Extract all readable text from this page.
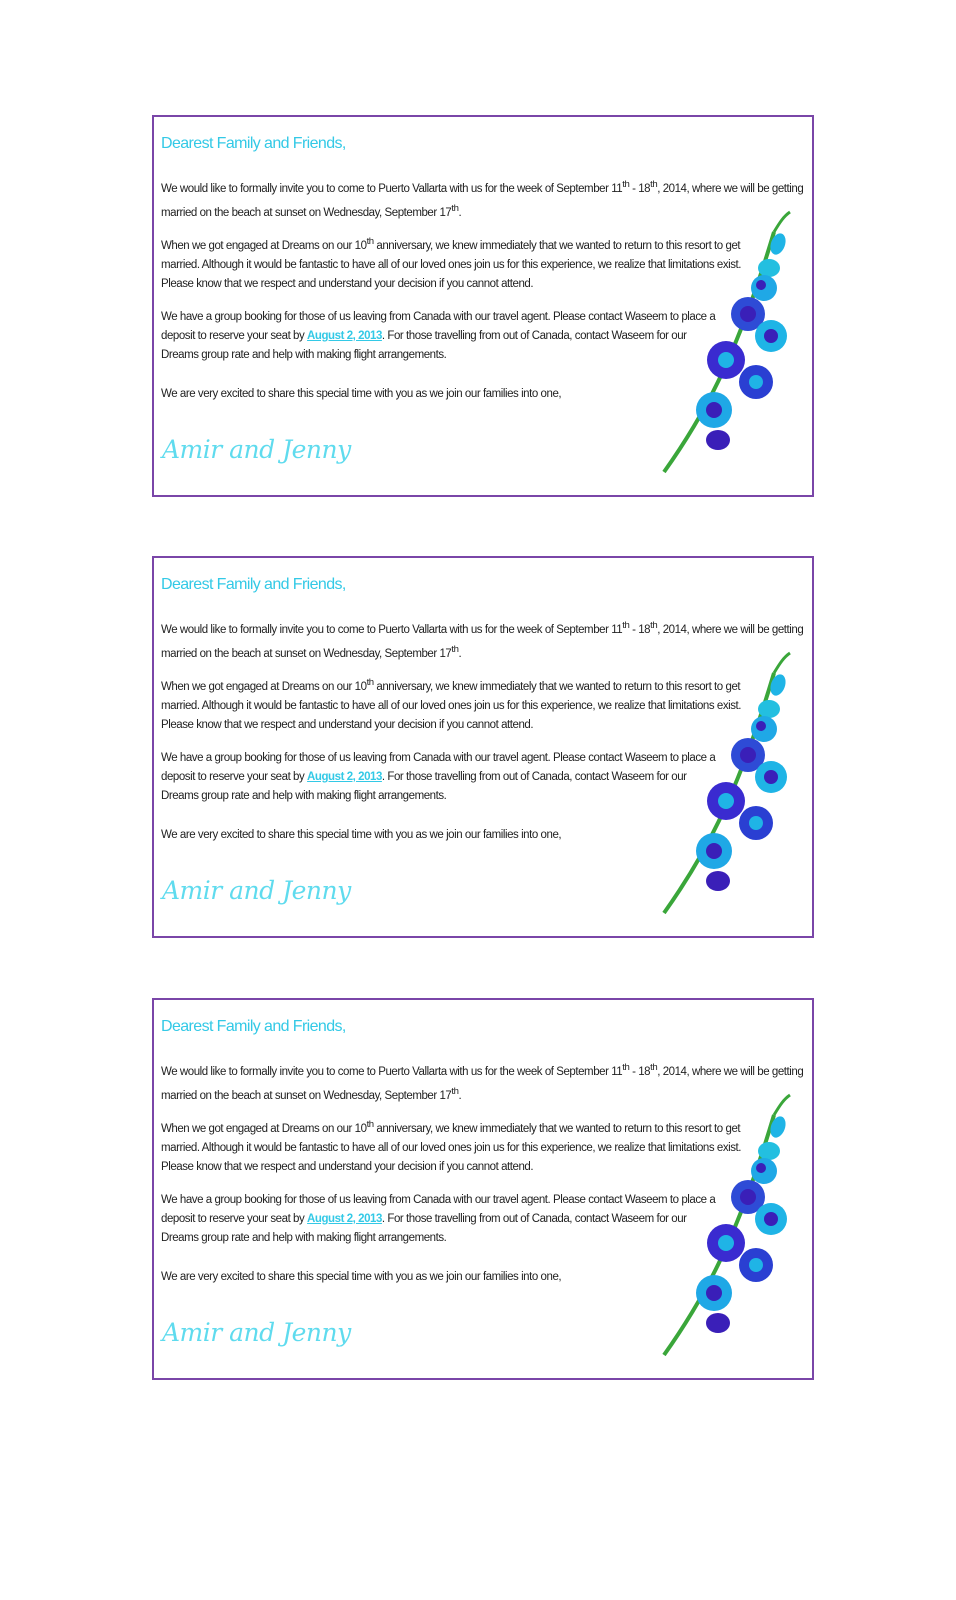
Dearest Family and Friends,

We would like to formally invite you to come to Puerto Vallarta with us for the week of September 11th - 18th, 2014, where we will be getting married on the beach at sunset on Wednesday, September 17th.

When we got engaged at Dreams on our 10th anniversary, we knew immediately that we wanted to return to this resort to get married. Although it would be fantastic to have all of our loved ones join us for this experience, we realize that limitations exist. Please know that we respect and understand your decision if you cannot attend.

We have a group booking for those of us leaving from Canada with our travel agent. Please contact Waseem to place a deposit to reserve your seat by August 2, 2013. For those travelling from out of Canada, contact Waseem for our Dreams group rate and help with making flight arrangements.

We are very excited to share this special time with you as we join our families into one,

Amir and Jenny

Dearest Family and Friends,

We would like to formally invite you to come to Puerto Vallarta with us for the week of September 11th - 18th, 2014, where we will be getting married on the beach at sunset on Wednesday, September 17th.

When we got engaged at Dreams on our 10th anniversary, we knew immediately that we wanted to return to this resort to get married. Although it would be fantastic to have all of our loved ones join us for this experience, we realize that limitations exist. Please know that we respect and understand your decision if you cannot attend.

We have a group booking for those of us leaving from Canada with our travel agent. Please contact Waseem to place a deposit to reserve your seat by August 2, 2013. For those travelling from out of Canada, contact Waseem for our Dreams group rate and help with making flight arrangements.

We are very excited to share this special time with you as we join our families into one,

Amir and Jenny

Dearest Family and Friends,

We would like to formally invite you to come to Puerto Vallarta with us for the week of September 11th - 18th, 2014, where we will be getting married on the beach at sunset on Wednesday, September 17th.

When we got engaged at Dreams on our 10th anniversary, we knew immediately that we wanted to return to this resort to get married. Although it would be fantastic to have all of our loved ones join us for this experience, we realize that limitations exist. Please know that we respect and understand your decision if you cannot attend.

We have a group booking for those of us leaving from Canada with our travel agent. Please contact Waseem to place a deposit to reserve your seat by August 2, 2013. For those travelling from out of Canada, contact Waseem for our Dreams group rate and help with making flight arrangements.

We are very excited to share this special time with you as we join our families into one,

Amir and Jenny
